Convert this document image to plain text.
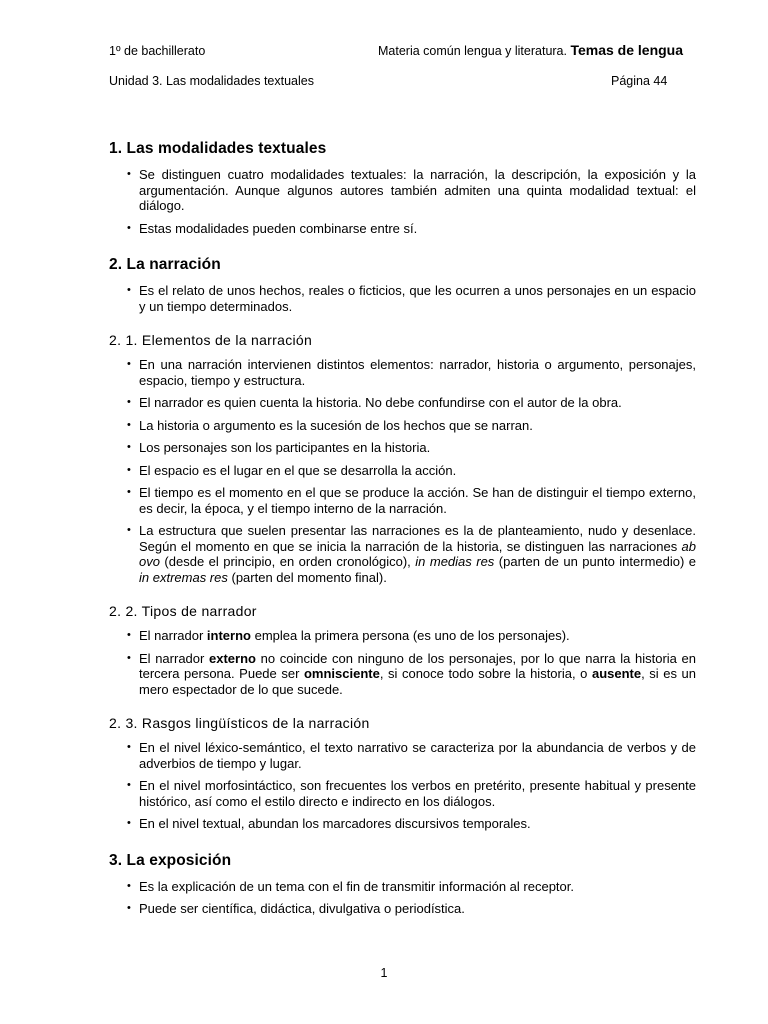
1º de bachillerato	Materia común lengua y literatura. Temas de lengua
Unidad 3. Las modalidades textuales	Página 44
1. Las modalidades textuales
• Se distinguen cuatro modalidades textuales: la narración, la descripción, la exposición y la argumentación. Aunque algunos autores también admiten una quinta modalidad textual: el diálogo.
• Estas modalidades pueden combinarse entre sí.
2. La narración
• Es el relato de unos hechos, reales o ficticios, que les ocurren a unos personajes en un espacio y un tiempo determinados.
2. 1. Elementos de la narración
• En una narración intervienen distintos elementos: narrador, historia o argumento, personajes, espacio, tiempo y estructura.
• El narrador es quien cuenta la historia. No debe confundirse con el autor de la obra.
• La historia o argumento es la sucesión de los hechos que se narran.
• Los personajes son los participantes en la historia.
• El espacio es el lugar en el que se desarrolla la acción.
• El tiempo es el momento en el que se produce la acción. Se han de distinguir el tiempo externo, es decir, la época, y el tiempo interno de la narración.
• La estructura que suelen presentar las narraciones es la de planteamiento, nudo y desenlace. Según el momento en que se inicia la narración de la historia, se distinguen las narraciones ab ovo (desde el principio, en orden cronológico), in medias res (parten de un punto intermedio) e in extremas res (parten del momento final).
2. 2. Tipos de narrador
• El narrador interno emplea la primera persona (es uno de los personajes).
• El narrador externo no coincide con ninguno de los personajes, por lo que narra la historia en tercera persona. Puede ser omnisciente, si conoce todo sobre la historia, o ausente, si es un mero espectador de lo que sucede.
2. 3. Rasgos lingüísticos de la narración
• En el nivel léxico-semántico, el texto narrativo se caracteriza por la abundancia de verbos y de adverbios de tiempo y lugar.
• En el nivel morfosintáctico, son frecuentes los verbos en pretérito, presente habitual y presente histórico, así como el estilo directo e indirecto en los diálogos.
• En el nivel textual, abundan los marcadores discursivos temporales.
3. La exposición
• Es la explicación de un tema con el fin de transmitir información al receptor.
• Puede ser científica, didáctica, divulgativa o periodística.
1
